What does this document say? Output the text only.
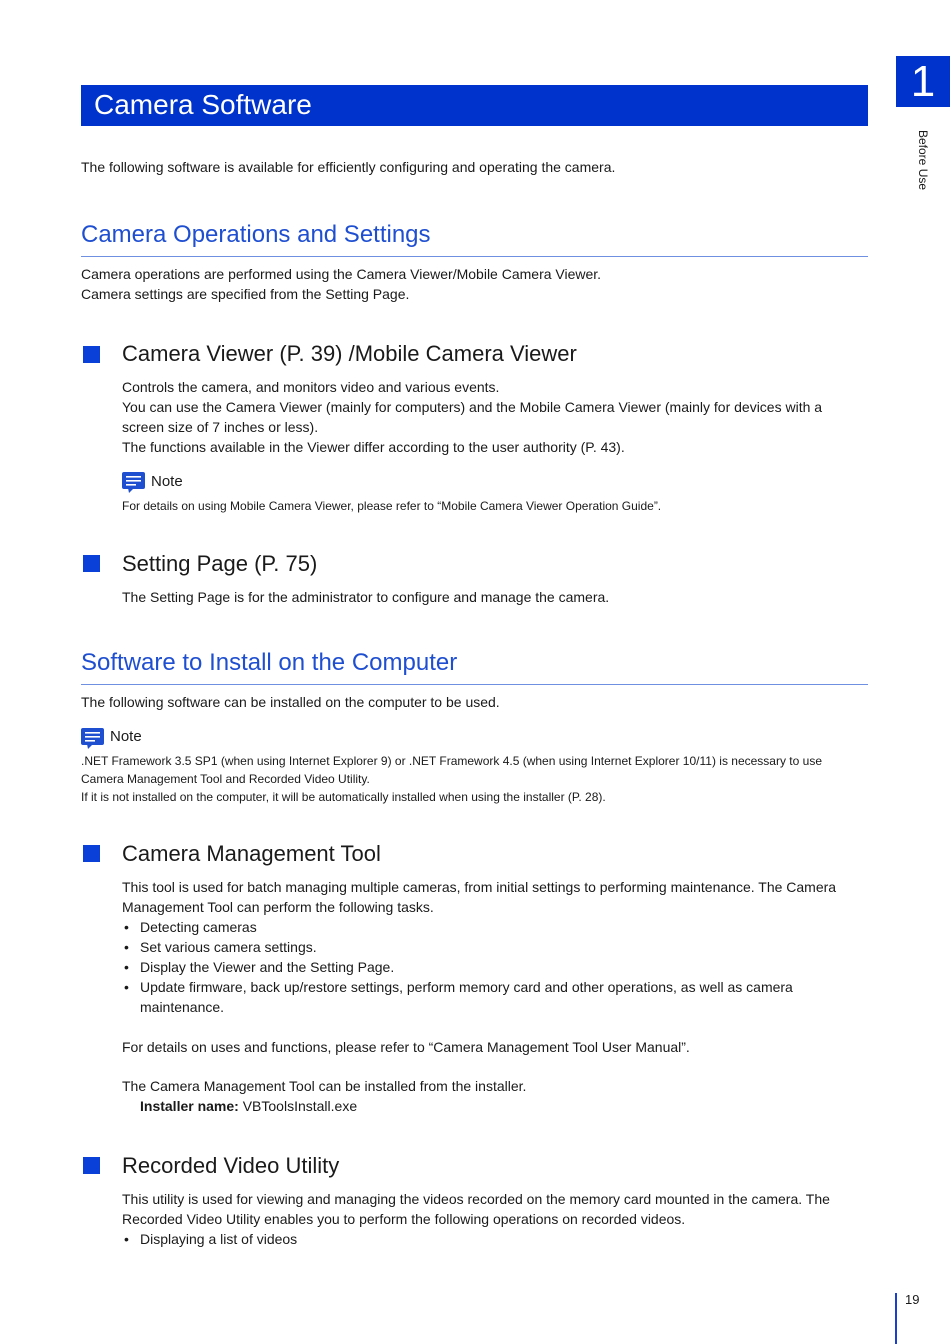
1
Before Use
Camera Software

The following software is available for efficiently configuring and operating the camera.

Camera Operations and Settings

Camera operations are performed using the Camera Viewer/Mobile Camera Viewer.

Camera settings are specified from the Setting Page.

Camera Viewer (P. 39) /Mobile Camera Viewer

Controls the camera, and monitors video and various events.

You can use the Camera Viewer (mainly for computers) and the Mobile Camera Viewer (mainly for devices with a

screen size of 7 inches or less).

The functions available in the Viewer differ according to the user authority (P. 43).

Note

For details on using Mobile Camera Viewer, please refer to “Mobile Camera Viewer Operation Guide”.

Setting Page (P. 75)

The Setting Page is for the administrator to configure and manage the camera.

Software to Install on the Computer

The following software can be installed on the computer to be used.

Note

.NET Framework 3.5 SP1 (when using Internet Explorer 9) or .NET Framework 4.5 (when using Internet Explorer 10/11) is necessary to use

Camera Management Tool and Recorded Video Utility.

If it is not installed on the computer, it will be automatically installed when using the installer (P. 28).

Camera Management Tool

This tool is used for batch managing multiple cameras, from initial settings to performing maintenance. The Camera

Management Tool can perform the following tasks.

• Detecting cameras
• Set various camera settings.
• Display the Viewer and the Setting Page.
• Update firmware, back up/restore settings, perform memory card and other operations, as well as camera

maintenance.

For details on uses and functions, please refer to “Camera Management Tool User Manual”.

The Camera Management Tool can be installed from the installer.

Installer name: VBToolsInstall.exe

Recorded Video Utility

This utility is used for viewing and managing the videos recorded on the memory card mounted in the camera. The

Recorded Video Utility enables you to perform the following operations on recorded videos.

• Displaying a list of videos
19
